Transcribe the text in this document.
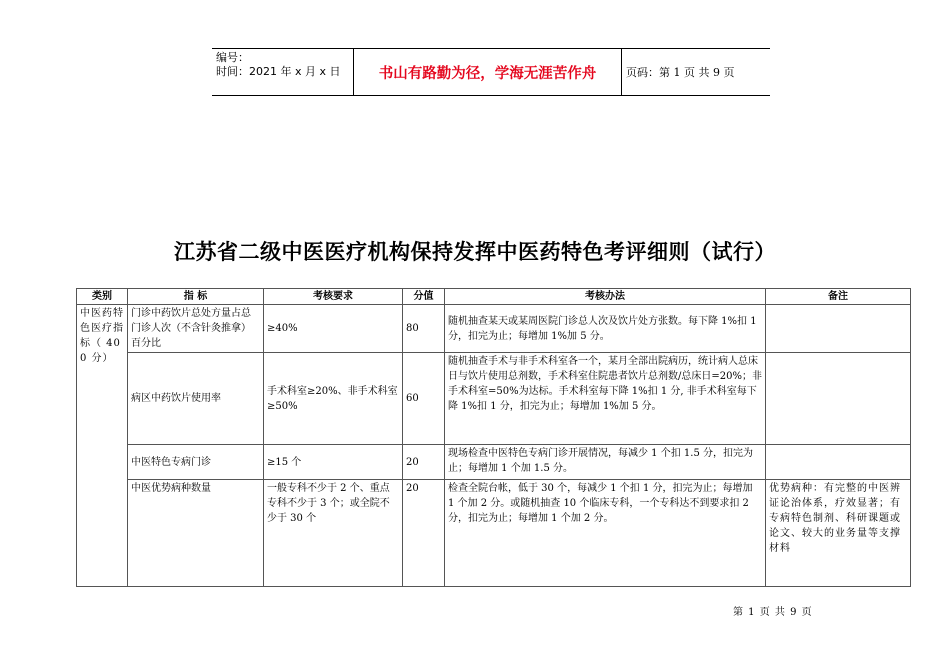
编号：
时间：2021 年 x 月 x 日	书山有路勤为径，学海无涯苦作舟	页码：第 1 页 共 9 页
江苏省二级中医医疗机构保持发挥中医药特色考评细则（试行）
类别	指 标	考核要求	分值	考核办法	备注
中医药特色医疗指标（ 400 分）	门诊中药饮片总处方量占总门诊人次（不含针灸推拿）百分比	≥40%	80	随机抽查某天或某周医院门诊总人次及饮片处方张数。每下降 1%扣 1 分，扣完为止；每增加 1%加 5 分。	
	病区中药饮片使用率	手术科室≥20%、非手术科室≥50%	60	随机抽查手术与非手术科室各一个，某月全部出院病历，统计病人总床日与饮片使用总剂数，手术科室住院患者饮片总剂数/总床日=20%；非手术科室=50%为达标。手术科室每下降 1%扣 1 分, 非手术科室每下降 1%扣 1 分，扣完为止；每增加 1%加 5 分。	
	中医特色专病门诊	≥15 个	20	现场检查中医特色专病门诊开展情况，每减少 1 个扣 1.5 分，扣完为止；每增加 1 个加 1.5 分。	
	中医优势病种数量	一般专科不少于 2 个、重点专科不少于 3 个；或全院不少于 30 个	20	检查全院台帐，低于 30 个，每减少 1 个扣 1 分，扣完为止；每增加 1 个加 2 分。或随机抽查 10 个临床专科，一个专科达不到要求扣 2 分，扣完为止；每增加 1 个加 2 分。	优势病种：有完整的中医辨证论治体系，疗效显著；有专病特色制剂、科研课题或论文、较大的业务量等支撑材料
第 1 页 共 9 页
